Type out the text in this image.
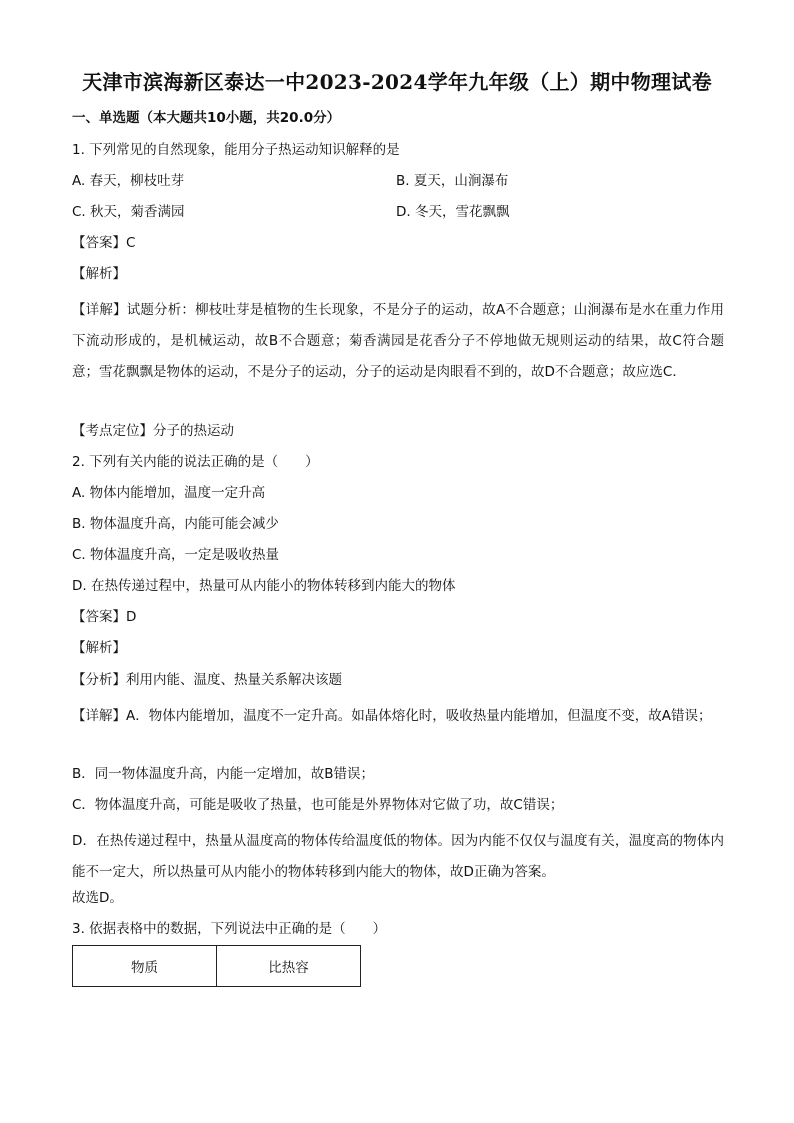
天津市滨海新区泰达一中2023-2024学年九年级（上）期中物理试卷
一、单选题（本大题共10小题，共20.0分）
1. 下列常见的自然现象，能用分子热运动知识解释的是
A. 春天，柳枝吐芽	B. 夏天，山涧瀑布
C. 秋天，菊香满园	D. 冬天，雪花飘飘
【答案】C
【解析】
【详解】试题分析：柳枝吐芽是植物的生长现象，不是分子的运动，故A不合题意；山涧瀑布是水在重力作用下流动形成的，是机械运动，故B不合题意；菊香满园是花香分子不停地做无规则运动的结果，故C符合题意；雪花飘飘是物体的运动，不是分子的运动，分子的运动是肉眼看不到的，故D不合题意；故应选C．
【考点定位】分子的热运动
2. 下列有关内能的说法正确的是（　　）
A. 物体内能增加，温度一定升高
B. 物体温度升高，内能可能会减少
C. 物体温度升高，一定是吸收热量
D. 在热传递过程中，热量可从内能小的物体转移到内能大的物体
【答案】D
【解析】
【分析】利用内能、温度、热量关系解决该题
【详解】A．物体内能增加，温度不一定升高。如晶体熔化时，吸收热量内能增加，但温度不变，故A错误；
B．同一物体温度升高，内能一定增加，故B错误；
C．物体温度升高，可能是吸收了热量，也可能是外界物体对它做了功，故C错误；
D．在热传递过程中，热量从温度高的物体传给温度低的物体。因为内能不仅仅与温度有关，温度高的物体内能不一定大，所以热量可从内能小的物体转移到内能大的物体，故D正确为答案。
故选D。
3. 依据表格中的数据，下列说法中正确的是（　　）
物质	比热容
